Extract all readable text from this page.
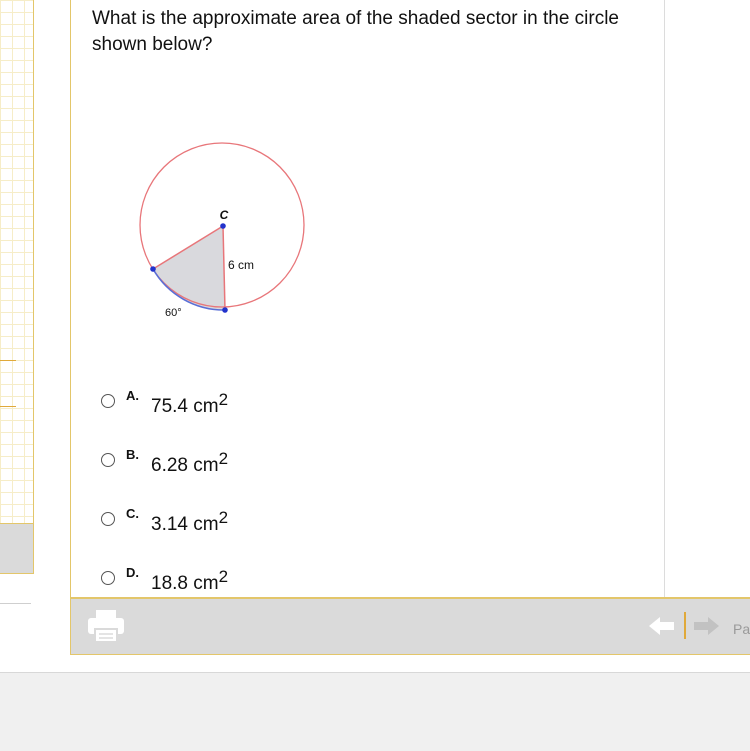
What is the approximate area of the shaded sector in the circle shown below?
C
6 cm
60°
A.
75.4 $cm^2$
B.
6.28 $cm^2$
C.
3.14 $cm^2$
D.
18.8 $cm^2$
Pa
